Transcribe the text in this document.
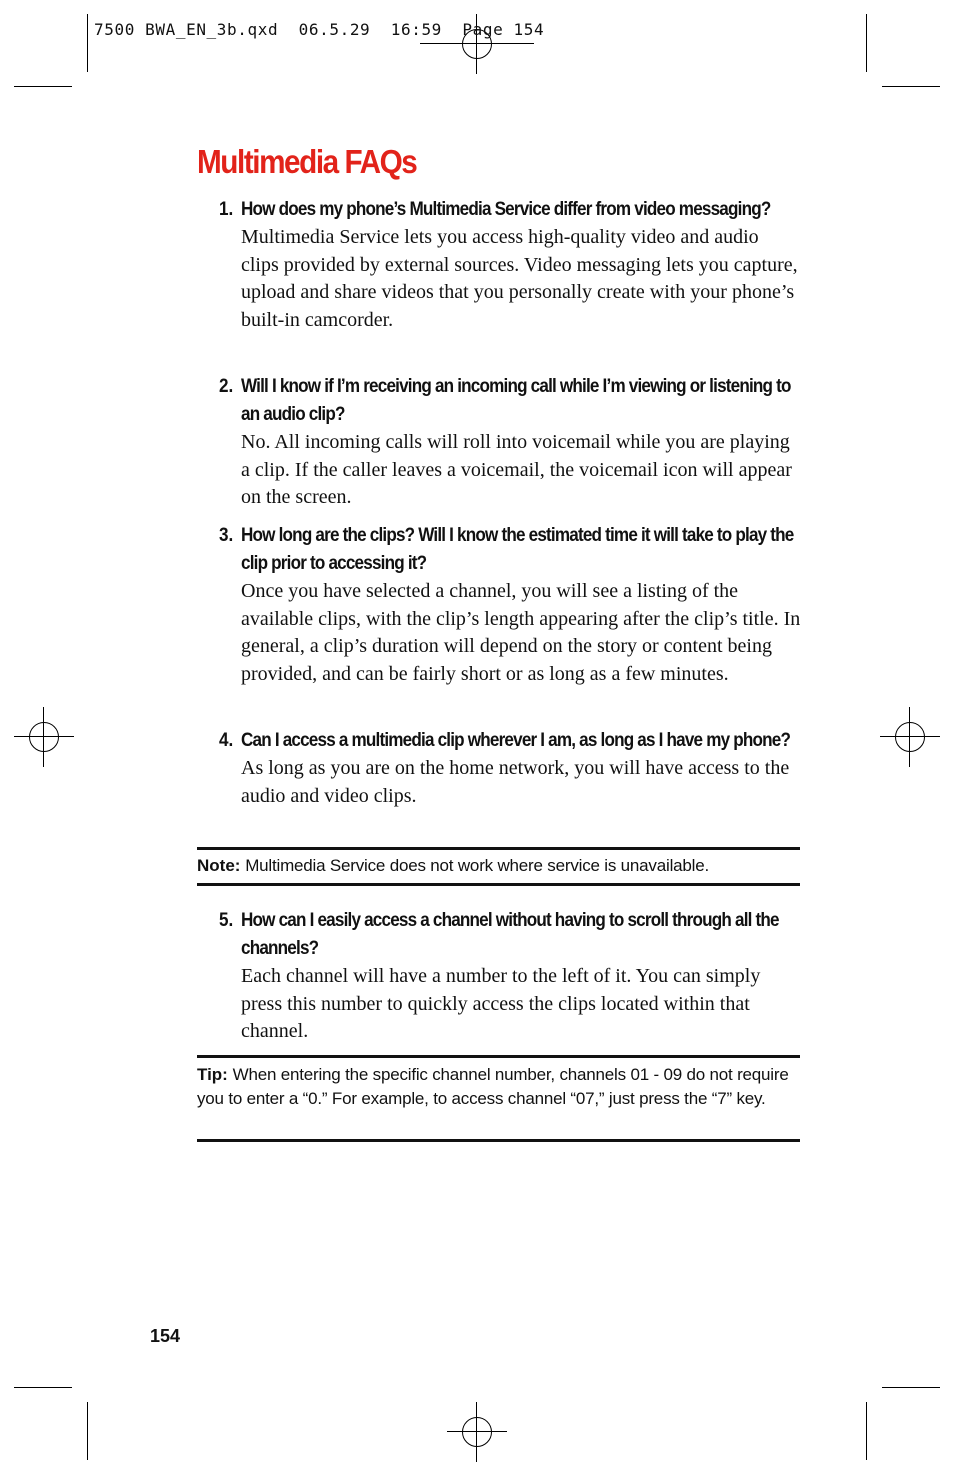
7500 BWA_EN_3b.qxd  06.5.29  16:59  Page 154
Multimedia FAQs
1. How does my phone’s Multimedia Service differ from video messaging?
Multimedia Service lets you access high-quality video and audio clips provided by external sources. Video messaging lets you capture, upload and share videos that you personally create with your phone’s built-in camcorder.
2. Will I know if I’m receiving an incoming call while I’m viewing or listening to an audio clip?
No. All incoming calls will roll into voicemail while you are playing a clip. If the caller leaves a voicemail, the voicemail icon will appear on the screen.
3. How long are the clips? Will I know the estimated time it will take to play the clip prior to accessing it?
Once you have selected a channel, you will see a listing of the available clips, with the clip’s length appearing after the clip’s title. In general, a clip’s duration will depend on the story or content being provided, and can be fairly short or as long as a few minutes.
4. Can I access a multimedia clip wherever I am, as long as I have my phone?
As long as you are on the home network, you will have access to the audio and video clips.
Note: Multimedia Service does not work where service is unavailable.
5. How can I easily access a channel without having to scroll through all the channels?
Each channel will have a number to the left of it. You can simply press this number to quickly access the clips located within that channel.
Tip: When entering the specific channel number, channels 01 - 09 do not require you to enter a “0.” For example, to access channel “07,” just press the “7” key.
154
